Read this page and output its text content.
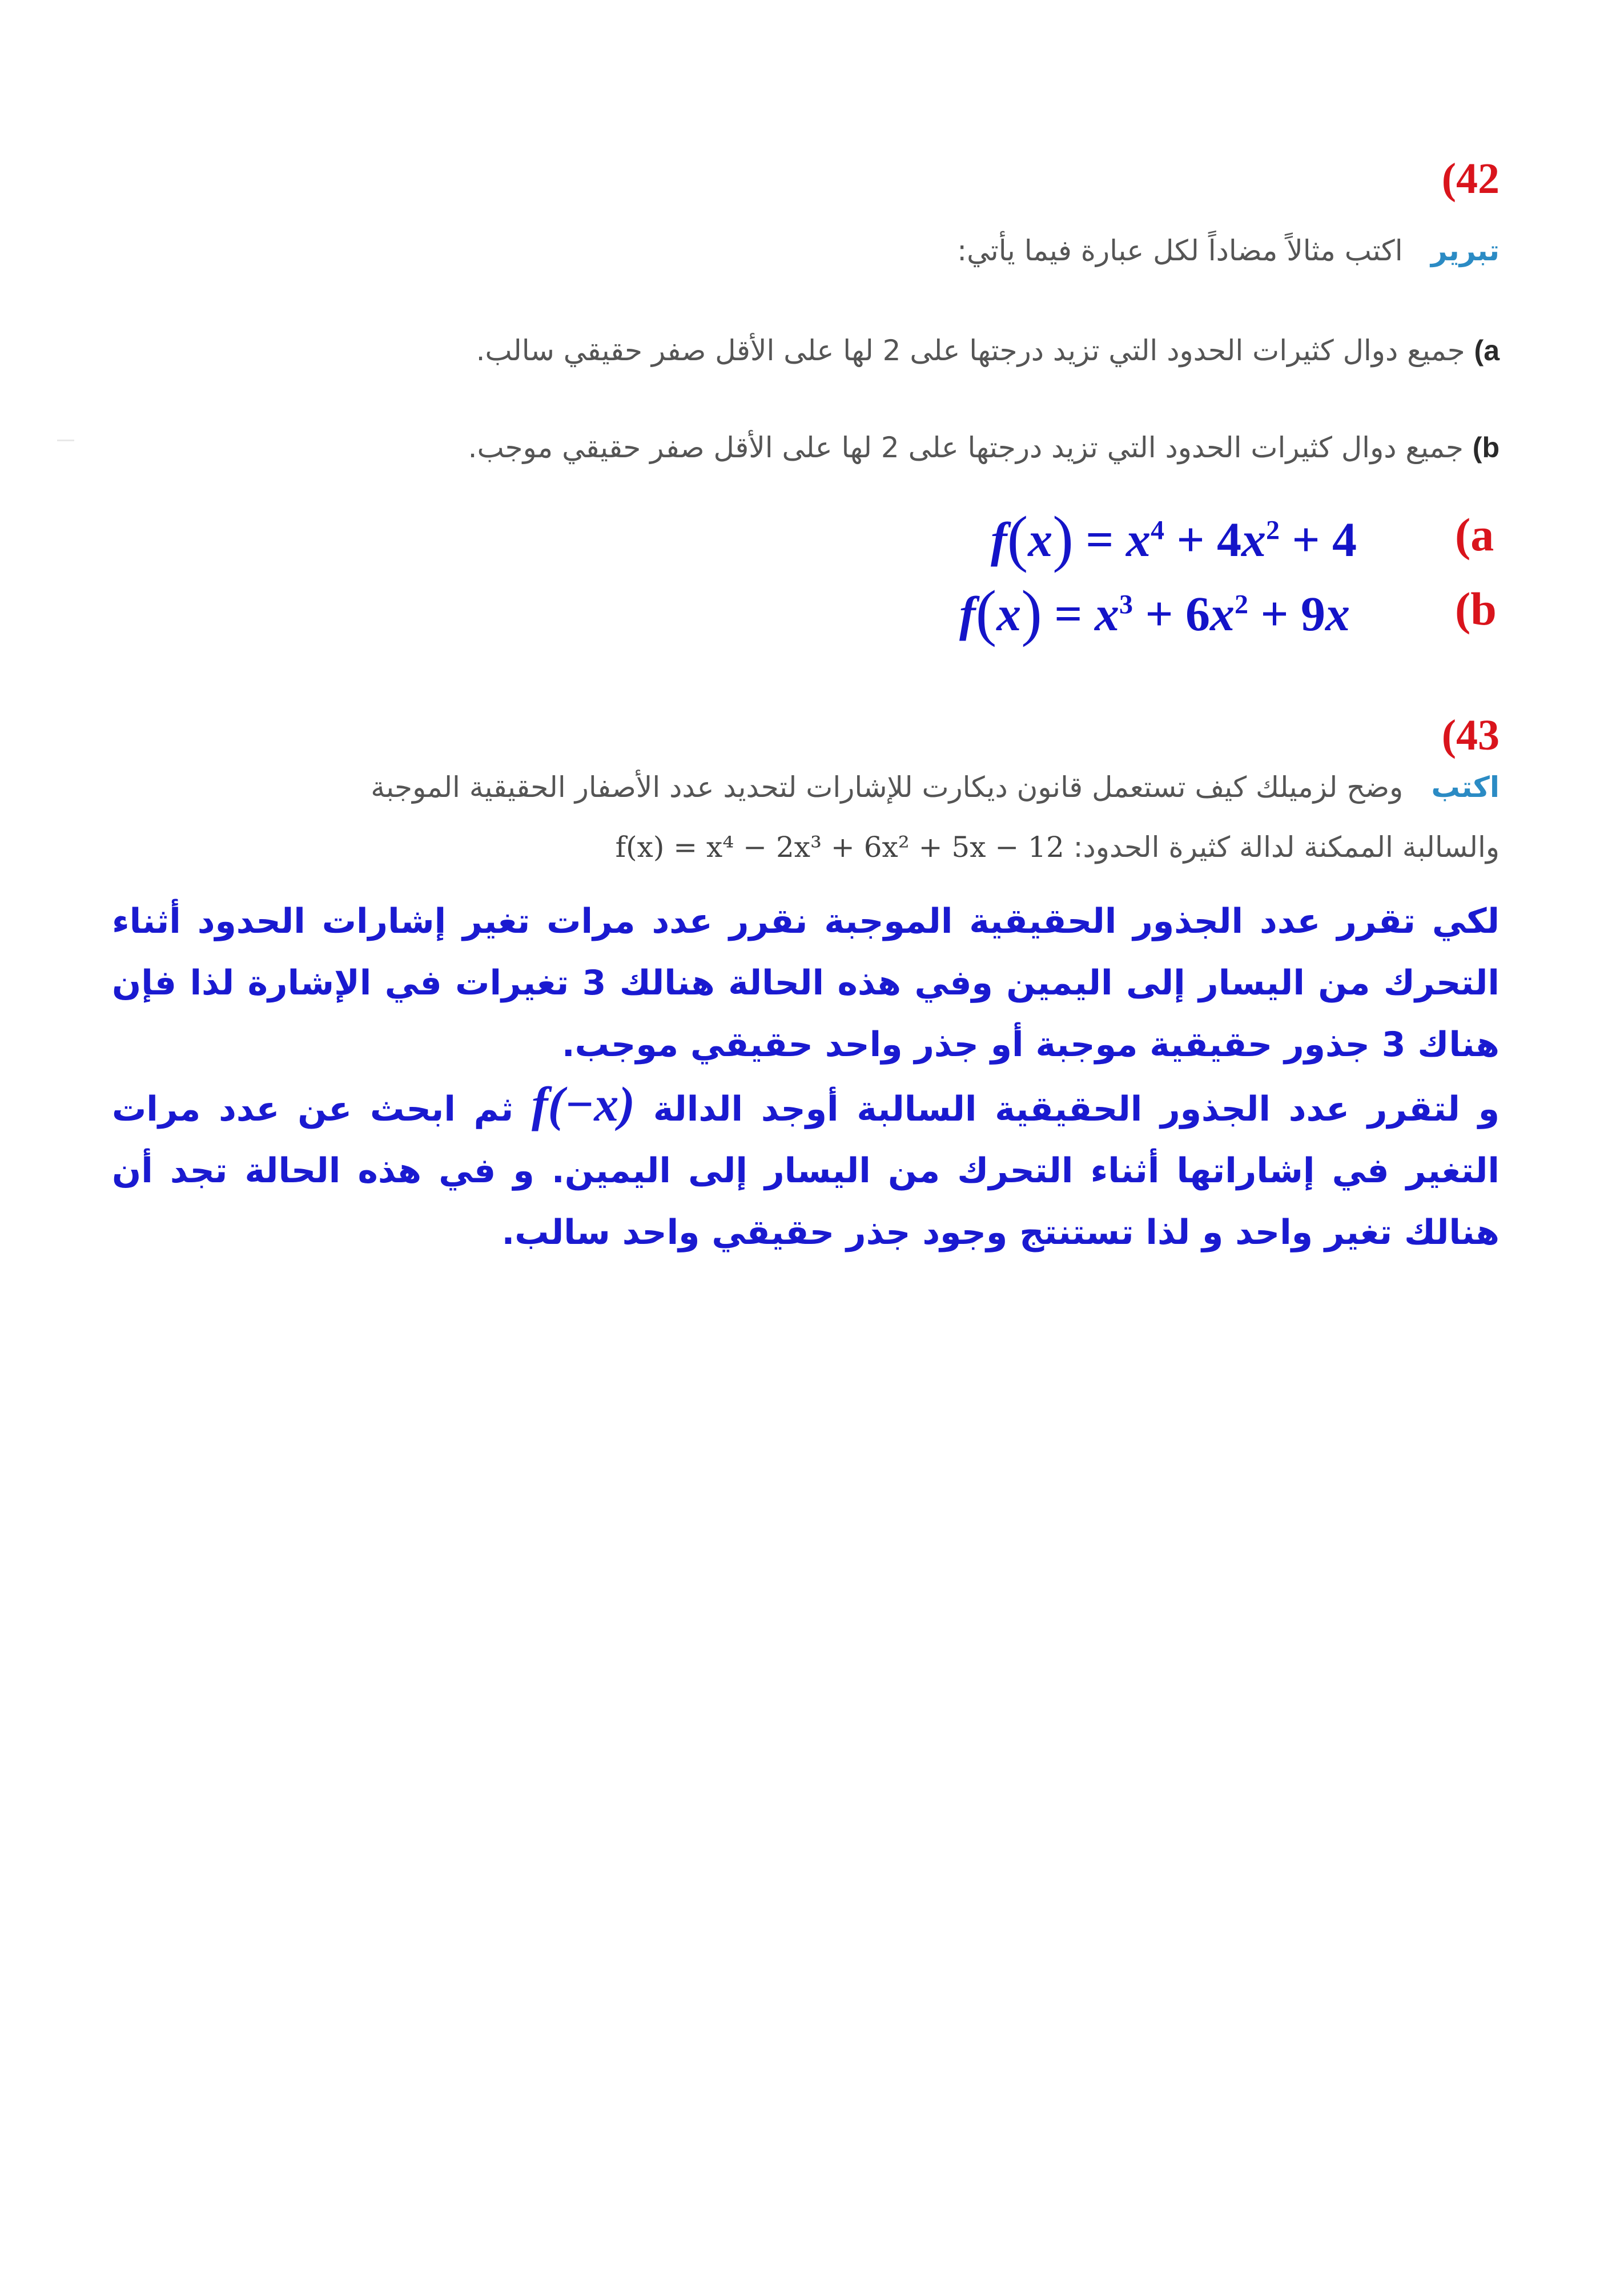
(42
تبرير   اكتب مثالاً مضاداً لكل عبارة فيما يأتي:
a) جميع دوال كثيرات الحدود التي تزيد درجتها على 2 لها على الأقل صفر حقيقي سالب.
b) جميع دوال كثيرات الحدود التي تزيد درجتها على 2 لها على الأقل صفر حقيقي موجب.
$f(x) = x^4 + 4x^2 + 4$ (a
$f(x) = x^3 + 6x^2 + 9x$ (b
(43
اكتب   وضح لزميلك كيف تستعمل قانون ديكارت للإشارات لتحديد عدد الأصفار الحقيقية الموجبة
والسالبة الممكنة لدالة كثيرة الحدود: f(x) = x⁴ − 2x³ + 6x² + 5x − 12
لكي تقرر عدد الجذور الحقيقية الموجبة نقرر عدد مرات تغير إشارات الحدود أثناء التحرك من اليسار إلى اليمين وفي هذه الحالة هنالك 3 تغيرات في الإشارة لذا فإن هناك 3 جذور حقيقية موجبة أو جذر واحد حقيقي موجب.
و لتقرر عدد الجذور الحقيقية السالبة أوجد الدالة f(−x) ثم ابحث عن عدد مرات التغير في إشاراتها أثناء التحرك من اليسار إلى اليمين. و في هذه الحالة تجد أن هنالك تغير واحد و لذا تستنتج وجود جذر حقيقي واحد سالب.
